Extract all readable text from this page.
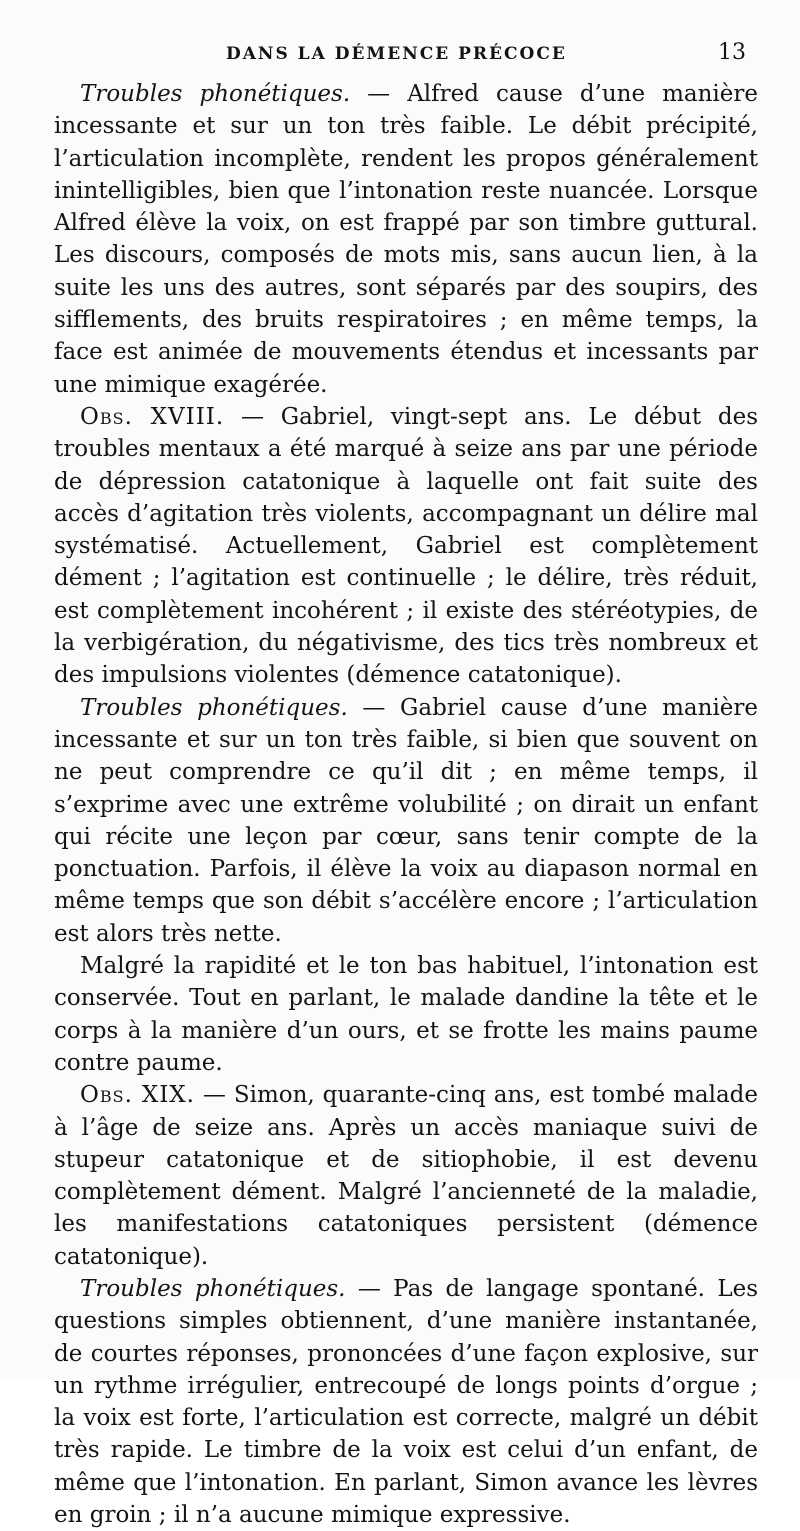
DANS LA DÉMENCE PRÉCOCE	13

Troubles phonétiques. — Alfred cause d’une manière incessante et sur un ton très faible. Le débit précipité, l’articulation incomplète, rendent les propos généralement inintelligibles, bien que l’intonation reste nuancée. Lorsque Alfred élève la voix, on est frappé par son timbre guttural. Les discours, composés de mots mis, sans aucun lien, à la suite les uns des autres, sont séparés par des soupirs, des sifflements, des bruits respiratoires ; en même temps, la face est animée de mouvements étendus et incessants par une mimique exagérée.

Obs. XVIII. — Gabriel, vingt-sept ans. Le début des troubles mentaux a été marqué à seize ans par une période de dépression catatonique à laquelle ont fait suite des accès d’agitation très violents, accompagnant un délire mal systématisé. Actuellement, Gabriel est complètement dément ; l’agitation est continuelle ; le délire, très réduit, est complètement incohérent ; il existe des stéréotypies, de la verbigération, du négativisme, des tics très nombreux et des impulsions violentes (démence catatonique).

Troubles phonétiques. — Gabriel cause d’une manière incessante et sur un ton très faible, si bien que souvent on ne peut comprendre ce qu’il dit ; en même temps, il s’exprime avec une extrême volubilité ; on dirait un enfant qui récite une leçon par cœur, sans tenir compte de la ponctuation. Parfois, il élève la voix au diapason normal en même temps que son débit s’accélère encore ; l’articulation est alors très nette.

Malgré la rapidité et le ton bas habituel, l’intonation est conservée. Tout en parlant, le malade dandine la tête et le corps à la manière d’un ours, et se frotte les mains paume contre paume.

Obs. XIX. — Simon, quarante-cinq ans, est tombé malade à l’âge de seize ans. Après un accès maniaque suivi de stupeur catatonique et de sitiophobie, il est devenu complètement dément. Malgré l’ancienneté de la maladie, les manifestations catatoniques persistent (démence catatonique).

Troubles phonétiques. — Pas de langage spontané. Les questions simples obtiennent, d’une manière instantanée, de courtes réponses, prononcées d’une façon explosive, sur un rythme irrégulier, entrecoupé de longs points d’orgue ; la voix est forte, l’articulation est correcte, malgré un débit très rapide. Le timbre de la voix est celui d’un enfant, de même que l’intonation. En parlant, Simon avance les lèvres en groin ; il n’a aucune mimique expressive.
